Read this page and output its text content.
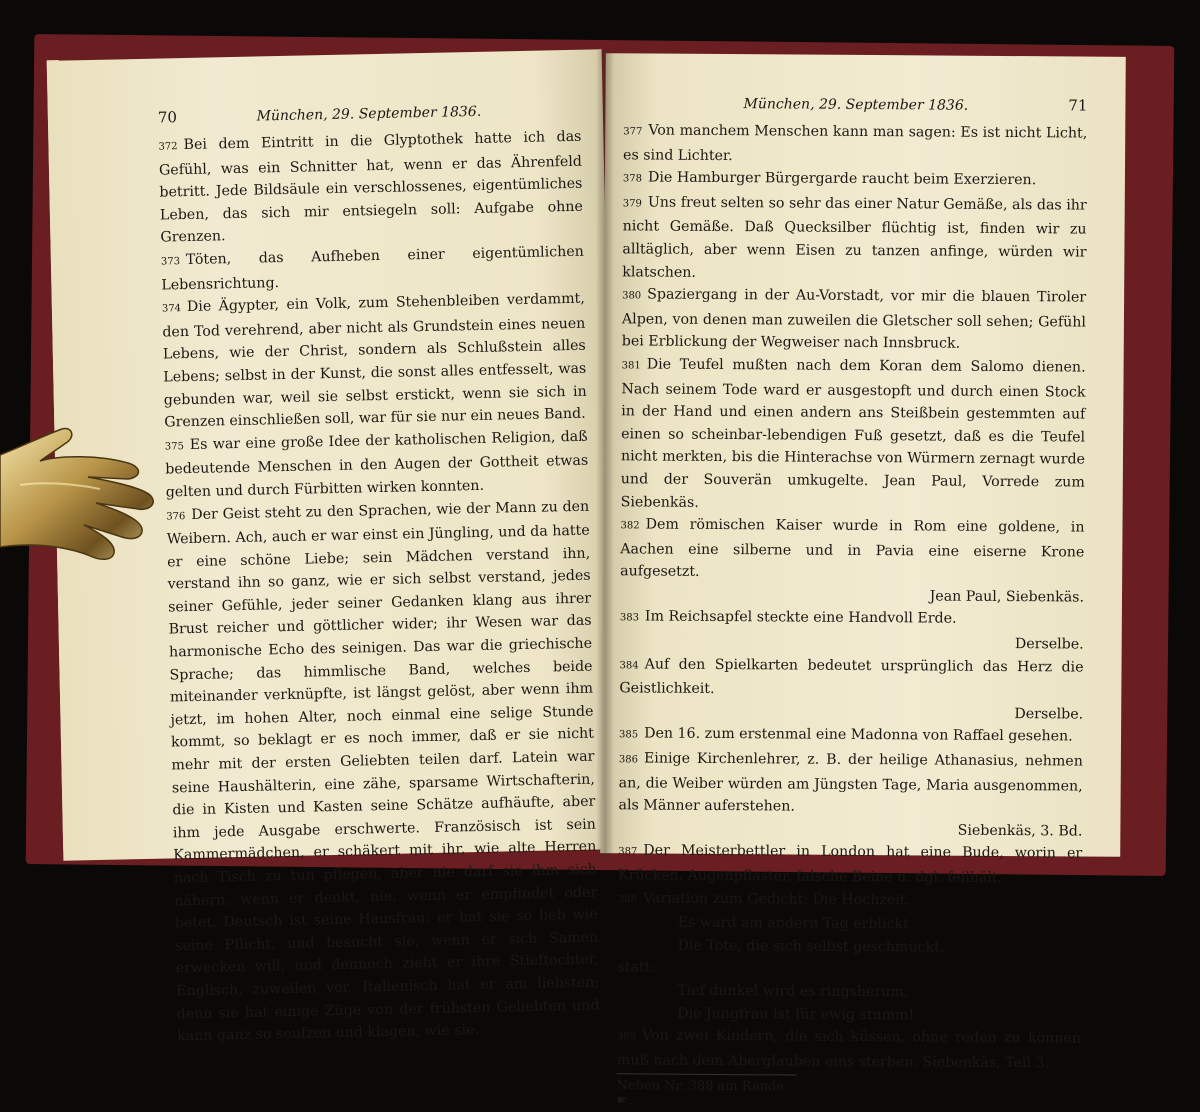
70	München, 29. September 1836.

372 Bei dem Eintritt in die Glyptothek hatte ich das Gefühl, was ein Schnitter hat, wenn er das Ährenfeld betritt. Jede Bildsäule ein verschlossenes, eigentümliches Leben, das sich mir entsiegeln soll: Aufgabe ohne Grenzen.

373 Töten, das Aufheben einer eigentümlichen Lebensrichtung.

374 Die Ägypter, ein Volk, zum Stehenbleiben verdammt, den Tod verehrend, aber nicht als Grundstein eines neuen Lebens, wie der Christ, sondern als Schlußstein alles Lebens; selbst in der Kunst, die sonst alles entfesselt, was gebunden war, weil sie selbst erstickt, wenn sie sich in Grenzen einschließen soll, war für sie nur ein neues Band.

375 Es war eine große Idee der katholischen Religion, daß bedeutende Menschen in den Augen der Gottheit etwas gelten und durch Fürbitten wirken konnten.

376 Der Geist steht zu den Sprachen, wie der Mann zu den Weibern. Ach, auch er war einst ein Jüngling, und da hatte er eine schöne Liebe; sein Mädchen verstand ihn, verstand ihn so ganz, wie er sich selbst verstand, jedes seiner Gefühle, jeder seiner Gedanken klang aus ihrer Brust reicher und göttlicher wider; ihr Wesen war das harmonische Echo des seinigen. Das war die griechische Sprache; das himmlische Band, welches beide miteinander verknüpfte, ist längst gelöst, aber wenn ihm jetzt, im hohen Alter, noch einmal eine selige Stunde kommt, so beklagt er es noch immer, daß er sie nicht mehr mit der ersten Geliebten teilen darf. Latein war seine Haushälterin, eine zähe, sparsame Wirtschafterin, die in Kisten und Kasten seine Schätze aufhäufte, aber ihm jede Ausgabe erschwerte. Französisch ist sein Kammermädchen, er schäkert mit ihr, wie alte Herren nach Tisch zu tun pflegen, aber nie darf sie ihm sich nähern, wenn er denkt, nie, wenn er empfindet oder betet. Deutsch ist seine Hausfrau; er hat sie so lieb wie seine Pflicht, und besucht sie, wenn er sich Samen erwecken will, und dennoch zieht er ihre Stieftochter, Englisch, zuweilen vor. Italienisch hat er am liebsten; denn sie hat einige Züge von der frühsten Geliebten und kann ganz so seufzen und klagen, wie sie.

München, 29. September 1836.	71

377 Von manchem Menschen kann man sagen: Es ist nicht Licht, es sind Lichter.

378 Die Hamburger Bürgergarde raucht beim Exerzieren.

379 Uns freut selten so sehr das einer Natur Gemäße, als das ihr nicht Gemäße. Daß Quecksilber flüchtig ist, finden wir zu alltäglich, aber wenn Eisen zu tanzen anfinge, würden wir klatschen.

380 Spaziergang in der Au-Vorstadt, vor mir die blauen Tiroler Alpen, von denen man zuweilen die Gletscher soll sehen; Gefühl bei Erblickung der Wegweiser nach Innsbruck.

381 Die Teufel mußten nach dem Koran dem Salomo dienen. Nach seinem Tode ward er ausgestopft und durch einen Stock in der Hand und einen andern ans Steißbein gestemmten auf einen so scheinbar-lebendigen Fuß gesetzt, daß es die Teufel nicht merkten, bis die Hinterachse von Würmern zernagt wurde und der Souverän umkugelte. Jean Paul, Vorrede zum Siebenkäs.

382 Dem römischen Kaiser wurde in Rom eine goldene, in Aachen eine silberne und in Pavia eine eiserne Krone aufgesetzt.
Jean Paul, Siebenkäs.

383 Im Reichsapfel steckte eine Handvoll Erde.
Derselbe.

384 Auf den Spielkarten bedeutet ursprünglich das Herz die Geistlichkeit.
Derselbe.

385 Den 16. zum erstenmal eine Madonna von Raffael gesehen.

386 Einige Kirchenlehrer, z. B. der heilige Athanasius, nehmen an, die Weiber würden am Jüngsten Tage, Maria ausgenommen, als Männer auferstehen.
Siebenkäs, 3. Bd.

387 Der Meisterbettler in London hat eine Bude, worin er Krücken, Augenpflaster, falsche Beine u. dgl. feilhält.

388 Variation zum Gedicht: Die Hochzeit.

Es ward am andern Tag erblickt

Die Tote, die sich selbst geschmückt,

statt:

Tief dunkel wird es ringsherum,

Die Jungfrau ist für ewig stumm!

389 Von zwei Kindern, die sich küssen, ohne reden zu können muß nach dem Aberglauben eins sterben. Siebenkäs, Teil 3.

Neben Nr. 388 am Rande ☛.
